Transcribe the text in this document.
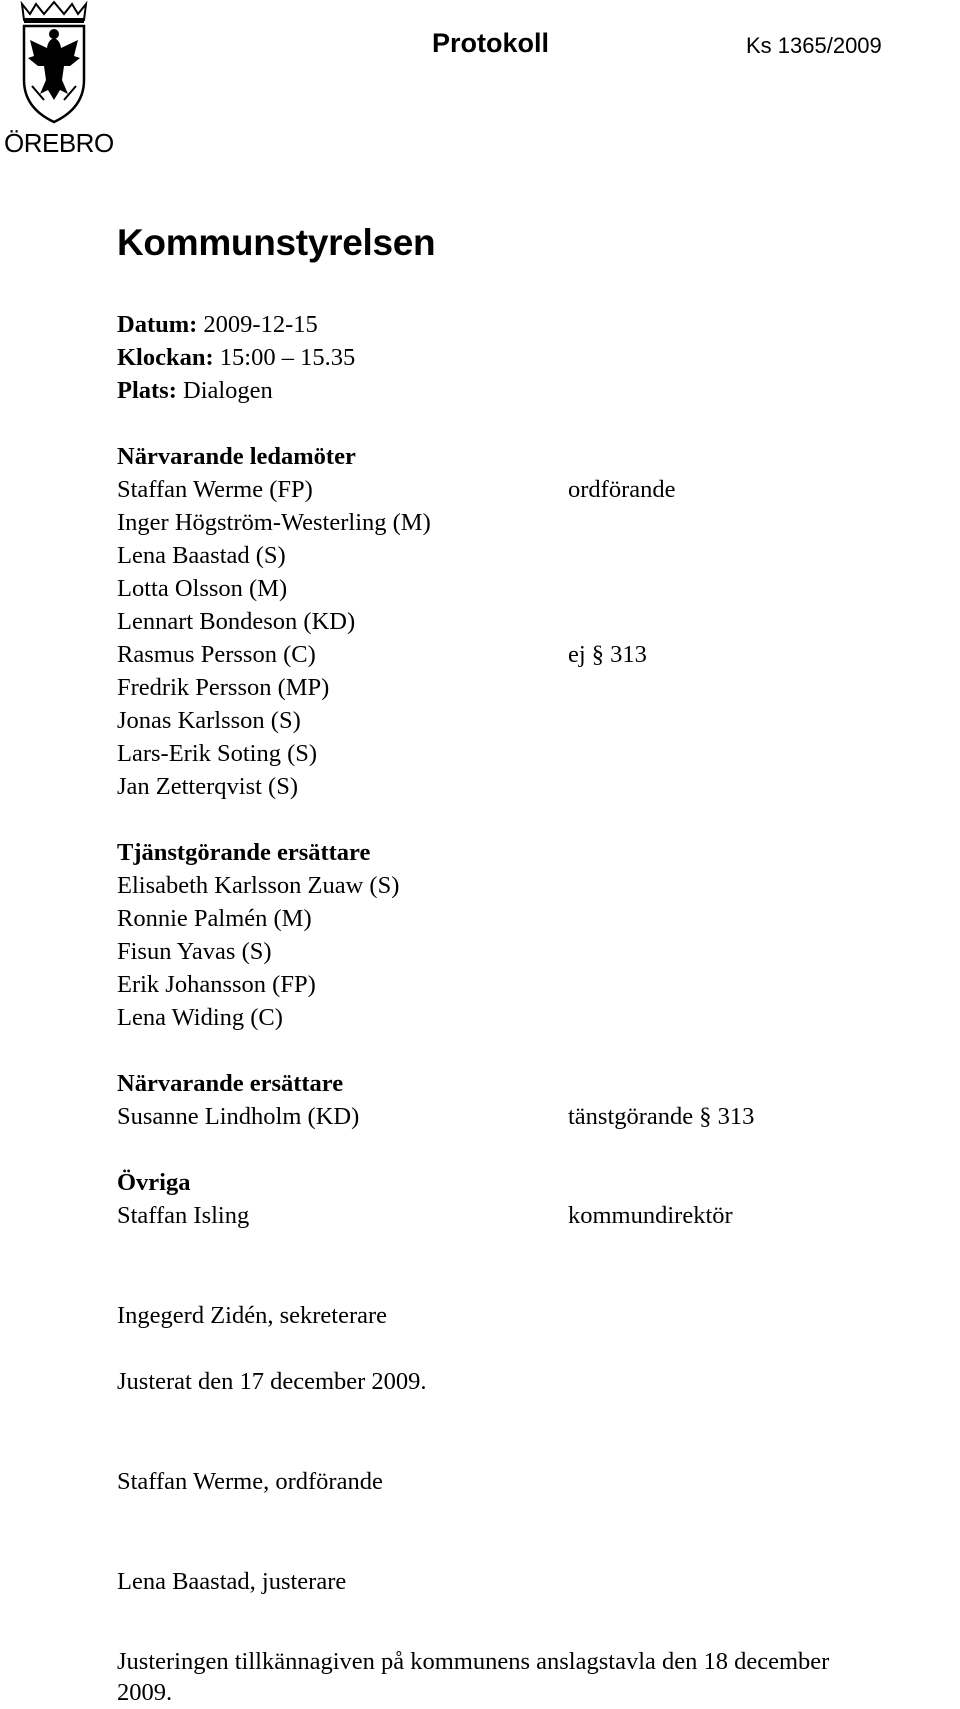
ÖREBRO
Protokoll	Ks 1365/2009
Kommunstyrelsen
Datum: 2009-12-15
Klockan: 15:00 – 15.35
Plats: Dialogen
Närvarande ledamöter
Staffan Werme (FP)	ordförande
Inger Högström-Westerling (M)
Lena Baastad (S)
Lotta Olsson (M)
Lennart Bondeson (KD)
Rasmus Persson (C)	ej § 313
Fredrik Persson (MP)
Jonas Karlsson (S)
Lars-Erik Soting (S)
Jan Zetterqvist (S)
Tjänstgörande ersättare
Elisabeth Karlsson Zuaw (S)
Ronnie Palmén (M)
Fisun Yavas (S)
Erik Johansson (FP)
Lena Widing (C)
Närvarande ersättare
Susanne Lindholm (KD)	tänstgörande § 313
Övriga
Staffan Isling	kommundirektör
Ingegerd Zidén, sekreterare
Justerat den 17 december 2009.
Staffan Werme, ordförande
Lena Baastad, justerare
Justeringen tillkännagiven på kommunens anslagstavla den 18 december
2009.
